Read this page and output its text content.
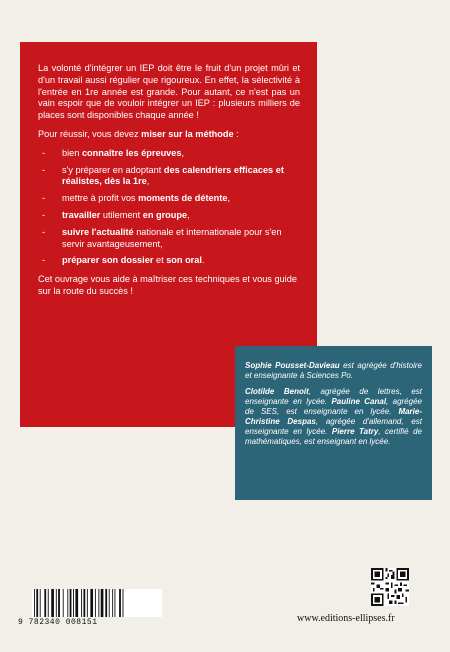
La volonté d'intégrer un IEP doit être le fruit d'un projet mûri et d'un travail aussi régulier que rigoureux. En effet, la sélectivité à l'entrée en 1re année est grande. Pour autant, ce n'est pas un vain espoir que de vouloir intégrer un IEP : plusieurs milliers de places sont disponibles chaque année !

Pour réussir, vous devez miser sur la méthode :

- bien connaître les épreuves,
- s'y préparer en adoptant des calendriers efficaces et réalistes, dès la 1re,
- mettre à profit vos moments de détente,
- travailler utilement en groupe,
- suivre l'actualité nationale et internationale pour s'en servir avantageusement,
- préparer son dossier et son oral.

Cet ouvrage vous aide à maîtriser ces techniques et vous guide sur la route du succès !

Sophie Pousset-Davieau est agrégée d'histoire et enseignante à Sciences Po.

Clotilde Benoit, agrégée de lettres, est enseignante en lycée. Pauline Canal, agrégée de SES, est enseignante en lycée. Marie-Christine Despas, agrégée d'allemand, est enseignante en lycée. Pierre Tatry, certifié de mathématiques, est enseignant en lycée.

9 782340 008151	www.editions-ellipses.fr
